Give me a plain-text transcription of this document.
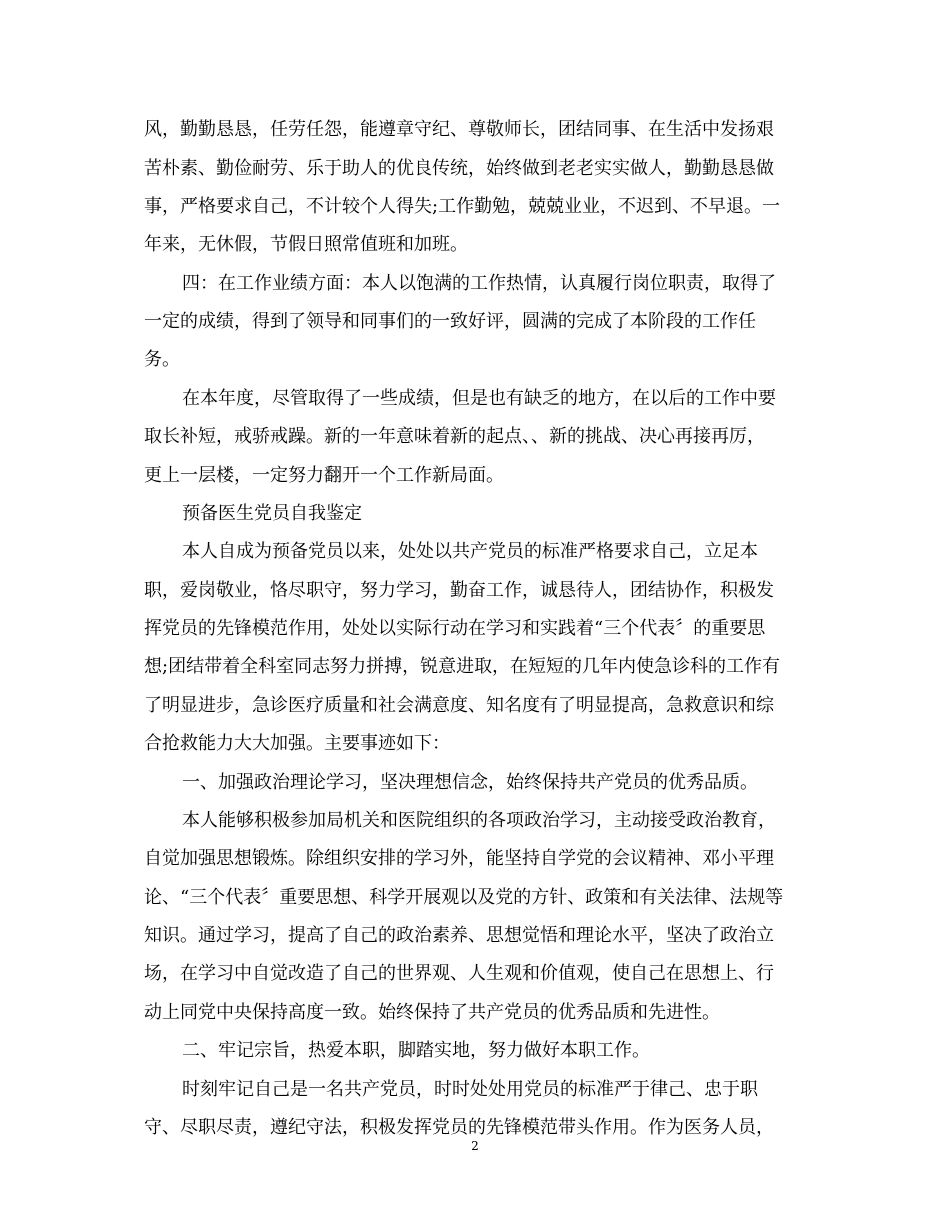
风，勤勤恳恳，任劳任怨，能遵章守纪、尊敬师长，团结同事、在生活中发扬艰
苦朴素、勤俭耐劳、乐于助人的优良传统，始终做到老老实实做人，勤勤恳恳做
事，严格要求自己，不计较个人得失;工作勤勉，兢兢业业，不迟到、不早退。一
年来，无休假，节假日照常值班和加班。
四：在工作业绩方面：本人以饱满的工作热情，认真履行岗位职责，取得了
一定的成绩，得到了领导和同事们的一致好评，圆满的完成了本阶段的工作任
务。
在本年度，尽管取得了一些成绩，但是也有缺乏的地方，在以后的工作中要
取长补短，戒骄戒躁。新的一年意味着新的起点、、新的挑战、决心再接再厉，
更上一层楼，一定努力翻开一个工作新局面。
预备医生党员自我鉴定
本人自成为预备党员以来，处处以共产党员的标准严格要求自己，立足本
职，爱岗敬业，恪尽职守，努力学习，勤奋工作，诚恳待人，团结协作，积极发
挥党员的先锋模范作用，处处以实际行动在学习和实践着“三个代表〞的重要思
想;团结带着全科室同志努力拼搏，锐意进取，在短短的几年内使急诊科的工作有
了明显进步，急诊医疗质量和社会满意度、知名度有了明显提高，急救意识和综
合抢救能力大大加强。主要事迹如下：
一、加强政治理论学习，坚决理想信念，始终保持共产党员的优秀品质。
本人能够积极参加局机关和医院组织的各项政治学习，主动接受政治教育，
自觉加强思想锻炼。除组织安排的学习外，能坚持自学党的会议精神、邓小平理
论、“三个代表〞重要思想、科学开展观以及党的方针、政策和有关法律、法规等
知识。通过学习，提高了自己的政治素养、思想觉悟和理论水平，坚决了政治立
场，在学习中自觉改造了自己的世界观、人生观和价值观，使自己在思想上、行
动上同党中央保持高度一致。始终保持了共产党员的优秀品质和先进性。
二、牢记宗旨，热爱本职，脚踏实地，努力做好本职工作。
时刻牢记自己是一名共产党员，时时处处用党员的标准严于律己、忠于职
守、尽职尽责，遵纪守法，积极发挥党员的先锋模范带头作用。作为医务人员，
2
